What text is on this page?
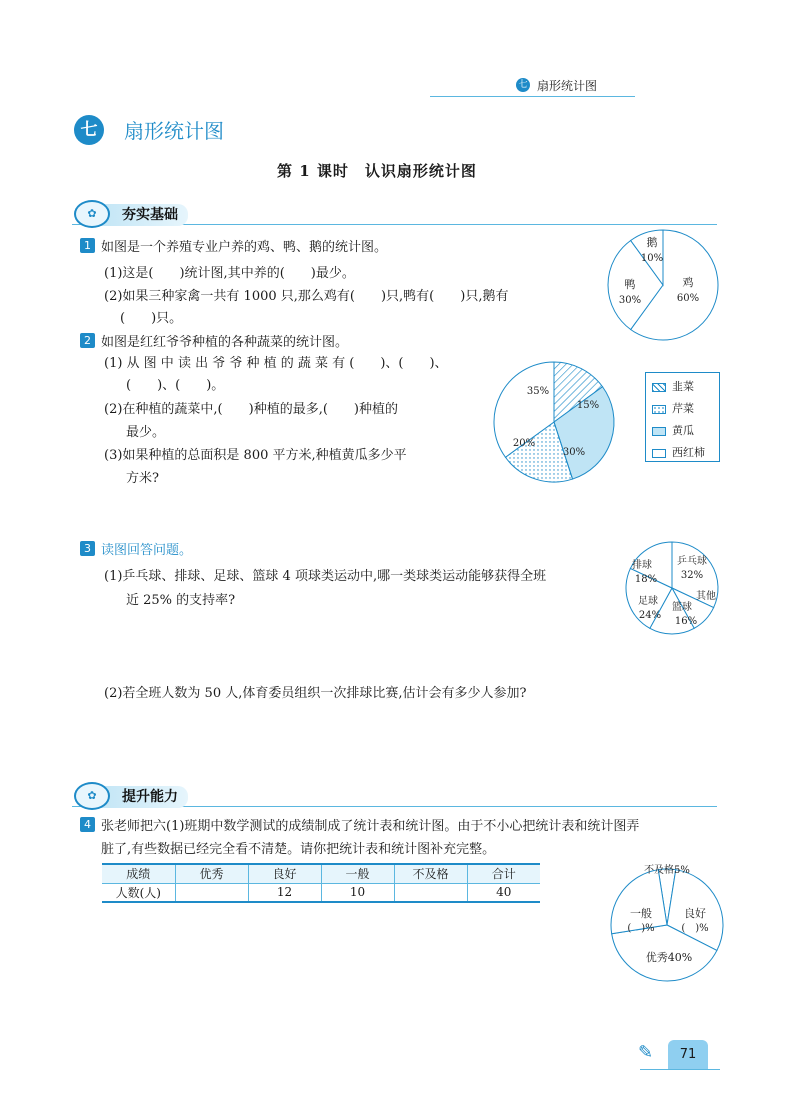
七 扇形统计图
七	扇形统计图
第 1 课时　认识扇形统计图
夯实基础
✿
1 如图是一个养殖专业户养的鸡、鸭、鹅的统计图。
(1)这是(　　)统计图,其中养的(　　)最少。
(2)如果三种家禽一共有 1000 只,那么鸡有(　　)只,鸭有(　　)只,鹅有
(　　)只。
鸡
60%
鸭
30%
鹅
10%
2 如图是红红爷爷种植的各种蔬菜的统计图。
(1) 从 图 中 读 出 爷 爷 种 植 的 蔬 菜 有 (　　)、(　　)、
(　　)、(　　)。
(2)在种植的蔬菜中,(　　)种植的最多,(　　)种植的
最少。
(3)如果种植的总面积是 800 平方米,种植黄瓜多少平
方米?
15%
30%
20%
35%	韭菜
芹菜
黄瓜
西红柿
3 读图回答问题。
(1)乒乓球、排球、足球、篮球 4 项球类运动中,哪一类球类运动能够获得全班
近 25% 的支持率?
(2)若全班人数为 50 人,体育委员组织一次排球比赛,估计会有多少人参加?
乒乓球
32%
其他
篮球
16%
足球
24%
排球
18%
提升能力
✿
4 张老师把六(1)班期中数学测试的成绩制成了统计表和统计图。由于不小心把统计表和统计图弄
脏了,有些数据已经完全看不清楚。请你把统计表和统计图补充完整。
成绩	优秀	良好	一般	不及格	合计
人数(人)		12	10		40
不及格5%
良好
(　)%
优秀40%
一般
(　)%
✎	71
